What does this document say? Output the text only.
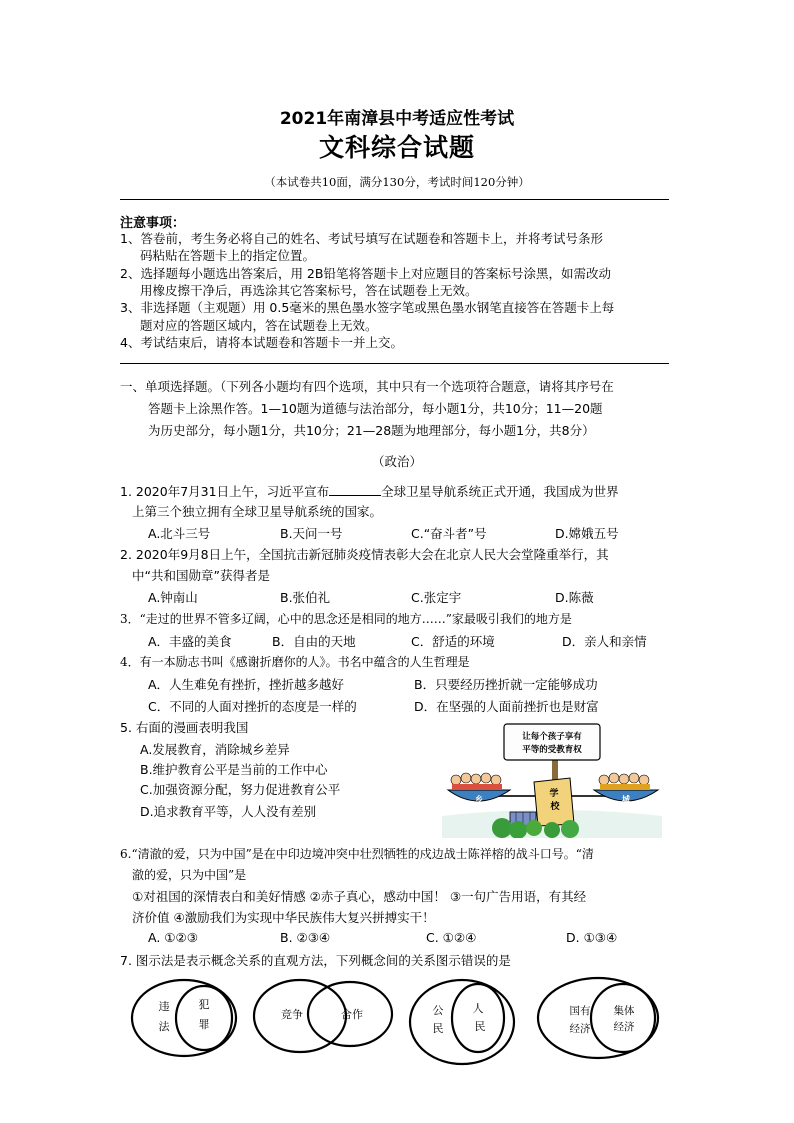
2021年南漳县中考适应性考试
文科综合试题
（本试卷共10面，满分130分，考试时间120分钟）
注意事项：
1、答卷前，考生务必将自己的姓名、考试号填写在试题卷和答题卡上，并将考试号条形
码粘贴在答题卡上的指定位置。
2、选择题每小题选出答案后，用 2B铅笔将答题卡上对应题目的答案标号涂黑，如需改动
用橡皮擦干净后，再选涂其它答案标号，答在试题卷上无效。
3、非选择题（主观题）用 0.5毫米的黑色墨水签字笔或黑色墨水钢笔直接答在答题卡上每
题对应的答题区域内，答在试题卷上无效。
4、考试结束后，请将本试题卷和答题卡一并上交。
一、单项选择题。（下列各小题均有四个选项，其中只有一个选项符合题意，请将其序号在
答题卡上涂黑作答。1—10题为道德与法治部分，每小题1分，共10分；11—20题
为历史部分，每小题1分，共10分；21—28题为地理部分，每小题1分，共8分）
（政治）
1. 2020年7月31日上午，习近平宣布	全球卫星导航系统正式开通，我国成为世界
上第三个独立拥有全球卫星导航系统的国家。
A.北斗三号	B.天问一号	C.“奋斗者”号	D.嫦娥五号
2. 2020年9月8日上午，全国抗击新冠肺炎疫情表彰大会在北京人民大会堂隆重举行，其
中“共和国勋章”获得者是
A.钟南山	B.张伯礼	C.张定宇	D.陈薇
3．“走过的世界不管多辽阔，心中的思念还是相同的地方……”家最吸引我们的地方是
A．丰盛的美食	B．自由的天地	C．舒适的环境	D．亲人和亲情
4．有一本励志书叫《感谢折磨你的人》。书名中蕴含的人生哲理是
A．人生难免有挫折，挫折越多越好	B．只要经历挫折就一定能够成功
C．不同的人面对挫折的态度是一样的	D．在坚强的人面前挫折也是财富
5. 右面的漫画表明我国
A.发展教育，消除城乡差异
B.维护教育公平是当前的工作中心
C.加强资源分配，努力促进教育公平
D.追求教育平等，人人没有差别
让每个孩子享有
平等的受教育权
学
校
乡	城
6.“清澈的爱，只为中国”是在中印边境冲突中壮烈牺牲的戍边战士陈祥榕的战斗口号。“清
澈的爱，只为中国”是
①对祖国的深情表白和美好情感 ②赤子真心，感动中国！ ③一句广告用语，有其经
济价值 ④激励我们为实现中华民族伟大复兴拼搏实干！
A. ①②③	B. ②③④	C. ①②④	D. ①③④
7. 图示法是表示概念关系的直观方法，下列概念间的关系图示错误的是
违
法
犯
罪
竞争	合作	公
民
人
民
国有
经济
集体
经济
